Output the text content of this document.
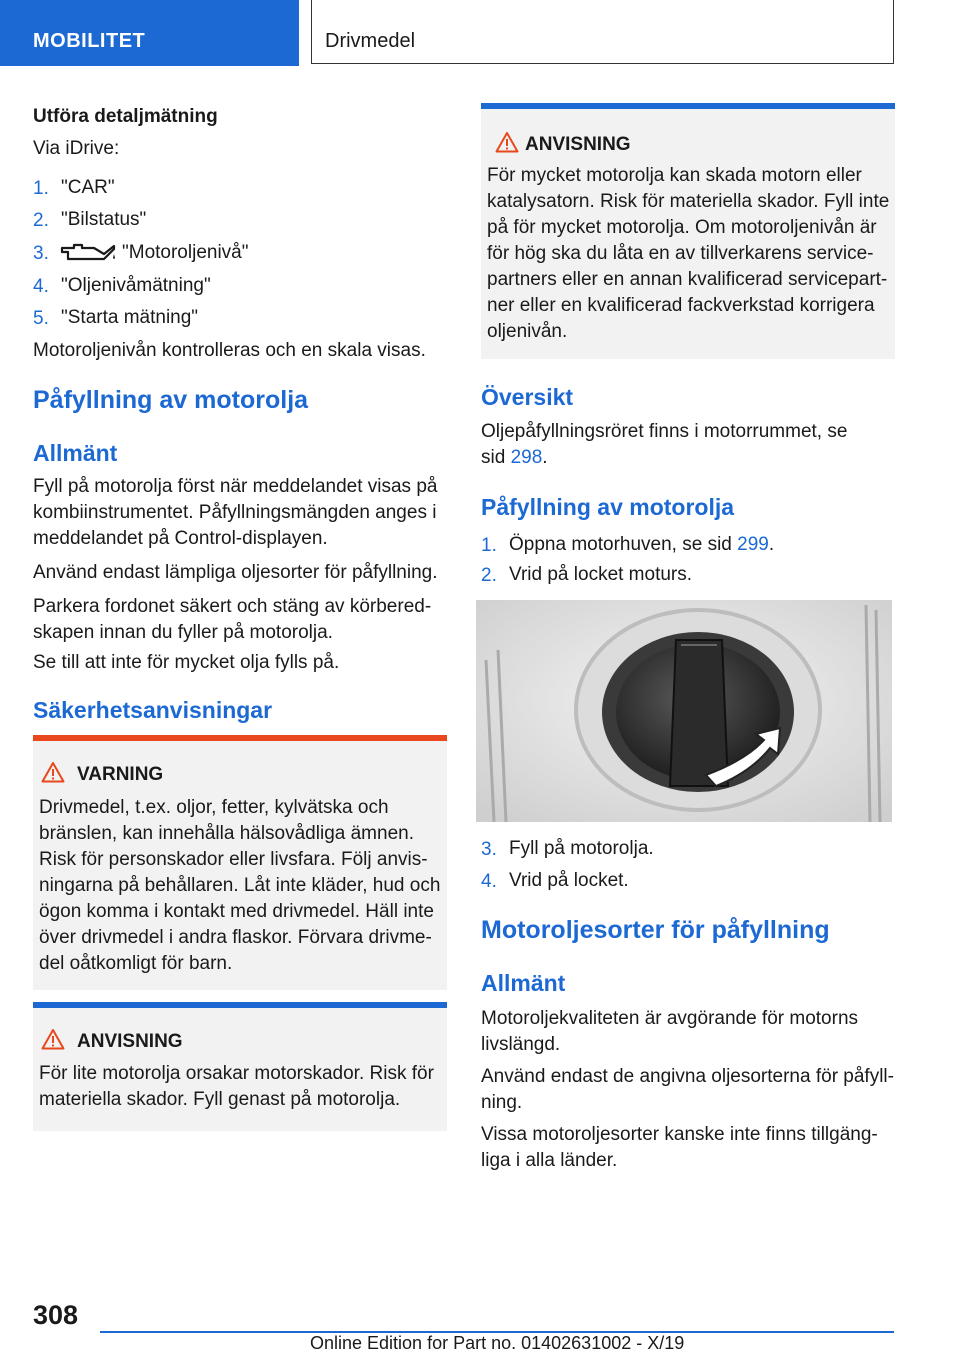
MOBILITET	Drivmedel
Utföra detaljmätning
Via iDrive:
1. "CAR"
2. "Bilstatus"
3.	"Motoroljenivå"
4. "Oljenivåmätning"
5. "Starta mätning"
Motoroljenivån kontrolleras och en skala visas.
Påfyllning av motorolja
Allmänt
Fyll på motorolja först när meddelandet visas på
kombiinstrumentet. Påfyllningsmängden anges i
meddelandet på Control-displayen.
Använd endast lämpliga oljesorter för påfyllning.
Parkera fordonet säkert och stäng av körbered-
skapen innan du fyller på motorolja.
Se till att inte för mycket olja fylls på.
Säkerhetsanvisningar
VARNING
Drivmedel, t.ex. oljor, fetter, kylvätska och
bränslen, kan innehålla hälsovådliga ämnen.
Risk för personskador eller livsfara. Följ anvis-
ningarna på behållaren. Låt inte kläder, hud och
ögon komma i kontakt med drivmedel. Häll inte
över drivmedel i andra flaskor. Förvara drivme-
del oåtkomligt för barn.
ANVISNING
För lite motorolja orsakar motorskador. Risk för
materiella skador. Fyll genast på motorolja.
ANVISNING
För mycket motorolja kan skada motorn eller
katalysatorn. Risk för materiella skador. Fyll inte
på för mycket motorolja. Om motoroljenivån är
för hög ska du låta en av tillverkarens service-
partners eller en annan kvalificerad servicepart-
ner eller en kvalificerad fackverkstad korrigera
oljenivån.
Översikt
Oljepåfyllningsröret finns i motorrummet, se
sid 298.
Påfyllning av motorolja
1. Öppna motorhuven, se sid 299.
2. Vrid på locket moturs.
3. Fyll på motorolja.
4. Vrid på locket.
Motoroljesorter för påfyllning
Allmänt
Motoroljekvaliteten är avgörande för motorns
livslängd.
Använd endast de angivna oljesorterna för påfyll-
ning.
Vissa motoroljesorter kanske inte finns tillgäng-
liga i alla länder.
308
Online Edition for Part no. 01402631002 - X/19
